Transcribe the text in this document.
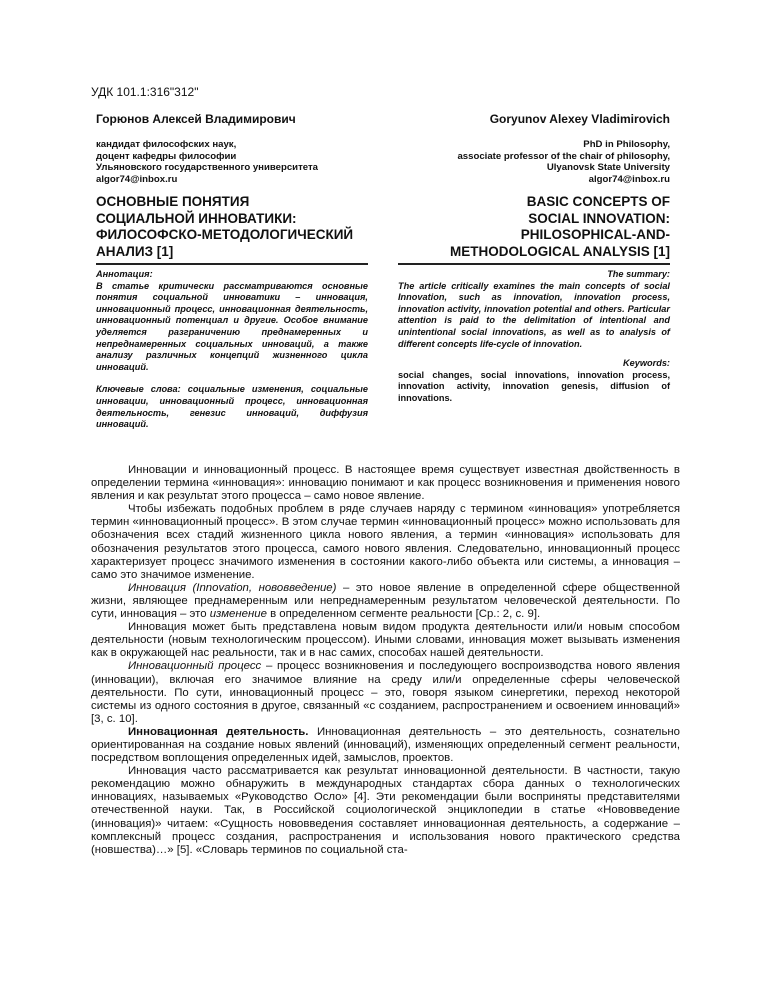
УДК 101.1:316"312"
Горюнов Алексей Владимирович	Goryunov Alexey Vladimirovich
кандидат философских наук,
доцент кафедры философии
Ульяновского государственного университета
algor74@inbox.ru
PhD in Philosophy,
associate professor of the chair of philosophy,
Ulyanovsk State University
algor74@inbox.ru
ОСНОВНЫЕ ПОНЯТИЯ
СОЦИАЛЬНОЙ ИННОВАТИКИ:
ФИЛОСОФСКО-МЕТОДОЛОГИЧЕСКИЙ
АНАЛИЗ [1]
BASIC CONCEPTS OF
SOCIAL INNOVATION:
PHILOSOPHICAL-AND-
METHODOLOGICAL ANALYSIS [1]

Аннотация:
В статье критически рассматриваются основные понятия социальной инноватики – инновация, инновационный процесс, инновационная деятельность, инновационный потенциал и другие. Особое внимание уделяется разграничению преднамеренных и непреднамеренных социальных инноваций, а также анализу различных концепций жизненного цикла инноваций.

Ключевые слова: социальные изменения, социальные инновации, инновационный процесс, инновационная деятельность, генезис инноваций, диффузия инноваций.

The summary:
The article critically examines the main concepts of social Innovation, such as innovation, innovation process, innovation activity, innovation potential and others. Particular attention is paid to the delimitation of intentional and unintentional social innovations, as well as to analysis of different concepts life-cycle of innovation.

Keywords:
social changes, social innovations, innovation process, innovation activity, innovation genesis, diffusion of innovations.

Инновации и инновационный процесс. В настоящее время существует известная двойственность в определении термина «инновация»: инновацию понимают и как процесс возникновения и применения нового явления и как результат этого процесса – само новое явление.

Чтобы избежать подобных проблем в ряде случаев наряду с термином «инновация» употребляется термин «инновационный процесс». В этом случае термин «инновационный процесс» можно использовать для обозначения всех стадий жизненного цикла нового явления, а термин «инновация» использовать для обозначения результатов этого процесса, самого нового явления. Следовательно, инновационный процесс характеризует процесс значимого изменения в состоянии какого-либо объекта или системы, а инновация – само это значимое изменение.

Инновация (Innovation, нововведение) – это новое явление в определенной сфере общественной жизни, являющее преднамеренным или непреднамеренным результатом человеческой деятельности. По сути, инновация – это изменение в определенном сегменте реальности [Ср.: 2, с. 9].

Инновация может быть представлена новым видом продукта деятельности или/и новым способом деятельности (новым технологическим процессом). Иными словами, инновация может вызывать изменения как в окружающей нас реальности, так и в нас самих, способах нашей деятельности.

Инновационный процесс – процесс возникновения и последующего воспроизводства нового явления (инновации), включая его значимое влияние на среду или/и определенные сферы человеческой деятельности. По сути, инновационный процесс – это, говоря языком синергетики, переход некоторой системы из одного состояния в другое, связанный «с созданием, распространением и освоением инноваций» [3, с. 10].

Инновационная деятельность. Инновационная деятельность – это деятельность, сознательно ориентированная на создание новых явлений (инноваций), изменяющих определенный сегмент реальности, посредством воплощения определенных идей, замыслов, проектов.

Инновация часто рассматривается как результат инновационной деятельности. В частности, такую рекомендацию можно обнаружить в международных стандартах сбора данных о технологических инновациях, называемых «Руководство Осло» [4]. Эти рекомендации были восприняты представителями отечественной науки. Так, в Российской социологической энциклопедии в статье «Нововведение (инновация)» читаем: «Сущность нововведения составляет инновационная деятельность, а содержание – комплексный процесс создания, распространения и использования нового практического средства (новшества)…» [5]. «Словарь терминов по социальной ста-
